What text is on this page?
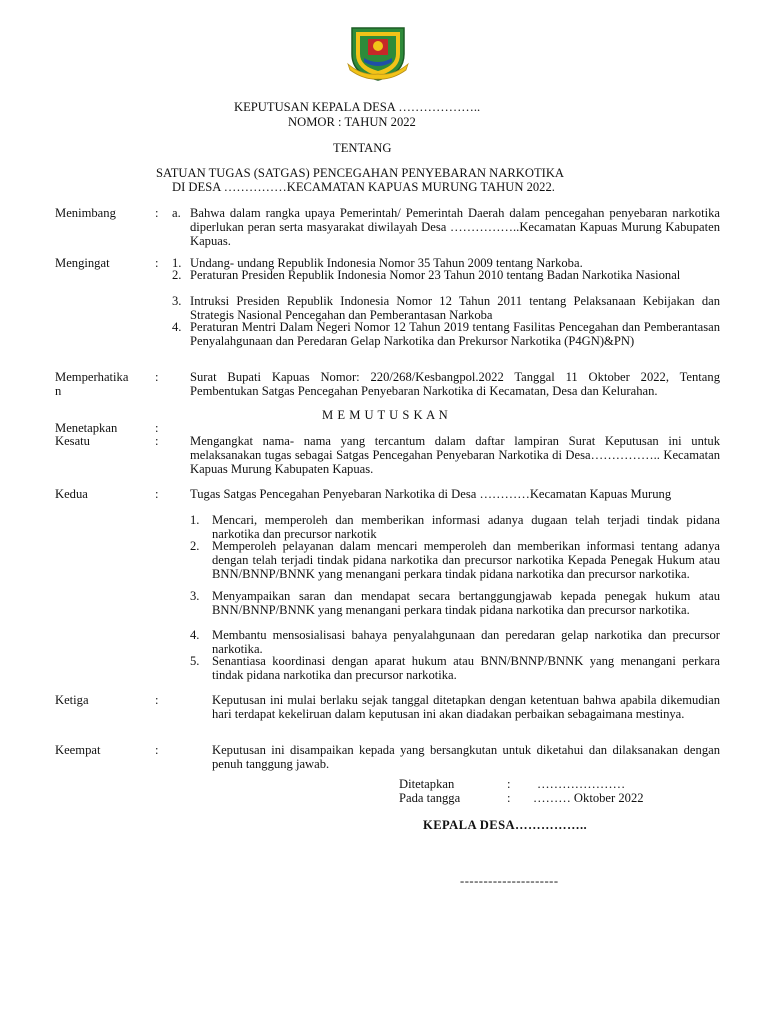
KEPUTUSAN KEPALA DESA ………………..
NOMOR : TAHUN 2022
TENTANG
SATUAN TUGAS (SATGAS) PENCEGAHAN PENYEBARAN NARKOTIKA
DI DESA ……………KECAMATAN KAPUAS MURUNG TAHUN 2022.
Menimbang	: a. Bahwa dalam rangka upaya Pemerintah/ Pemerintah Daerah dalam pencegahan penyebaran narkotika diperlukan peran serta masyarakat diwilayah Desa ……………..Kecamatan Kapuas Murung Kabupaten Kapuas.
Mengingat	: 1. Undang- undang Republik Indonesia Nomor 35 Tahun 2009 tentang Narkoba.
2. Peraturan Presiden Republik Indonesia Nomor 23 Tahun 2010 tentang Badan Narkotika Nasional
3. Intruksi Presiden Republik Indonesia Nomor 12 Tahun 2011 tentang Pelaksanaan Kebijakan dan Strategis Nasional Pencegahan dan Pemberantasan Narkoba
4. Peraturan Mentri Dalam Negeri Nomor 12 Tahun 2019 tentang Fasilitas Pencegahan dan Pemberantasan Penyalahgunaan dan Peredaran Gelap Narkotika dan Prekursor Narkotika (P4GN)&PN)
Memperhatika
n
:	Surat Bupati Kapuas Nomor: 220/268/Kesbangpol.2022 Tanggal 11 Oktober 2022, Tentang Pembentukan Satgas Pencegahan Penyebaran Narkotika di Kecamatan, Desa dan Kelurahan.
M E M U T U S K A N
Menetapkan	:
Kesatu	:	Mengangkat nama- nama yang tercantum dalam daftar lampiran Surat Keputusan ini untuk melaksanakan tugas sebagai Satgas Pencegahan Penyebaran Narkotika di Desa…………….. Kecamatan Kapuas Murung Kabupaten Kapuas.
Kedua	:	Tugas Satgas Pencegahan Penyebaran Narkotika di Desa …………Kecamatan Kapuas Murung
1. Mencari, memperoleh dan memberikan informasi adanya dugaan telah terjadi tindak pidana narkotika dan precursor narkotik
2. Memperoleh pelayanan dalam mencari memperoleh dan memberikan informasi tentang adanya dengan telah terjadi tindak pidana narkotika dan precursor narkotika Kepada Penegak Hukum atau BNN/BNNP/BNNK yang menangani perkara tindak pidana narkotika dan precursor narkotika.
3. Menyampaikan saran dan mendapat secara bertanggungjawab kepada penegak hukum atau BNN/BNNP/BNNK yang menangani perkara tindak pidana narkotika dan precursor narkotika.
4. Membantu mensosialisasi bahaya penyalahgunaan dan peredaran gelap narkotika dan precursor narkotika.
5. Senantiasa koordinasi dengan aparat hukum atau BNN/BNNP/BNNK yang menangani perkara tindak pidana narkotika dan precursor narkotika.
Ketiga	:	Keputusan ini mulai berlaku sejak tanggal ditetapkan dengan ketentuan bahwa apabila dikemudian hari terdapat kekeliruan dalam keputusan ini akan diadakan perbaikan sebagaimana mestinya.
Keempat	:	Keputusan ini disampaikan kepada yang bersangkutan untuk diketahui dan dilaksanakan dengan penuh tanggung jawab.
Ditetapkan	: …………………
Pada tangga	: ……… Oktober 2022
KEPALA DESA……………..
---------------------
